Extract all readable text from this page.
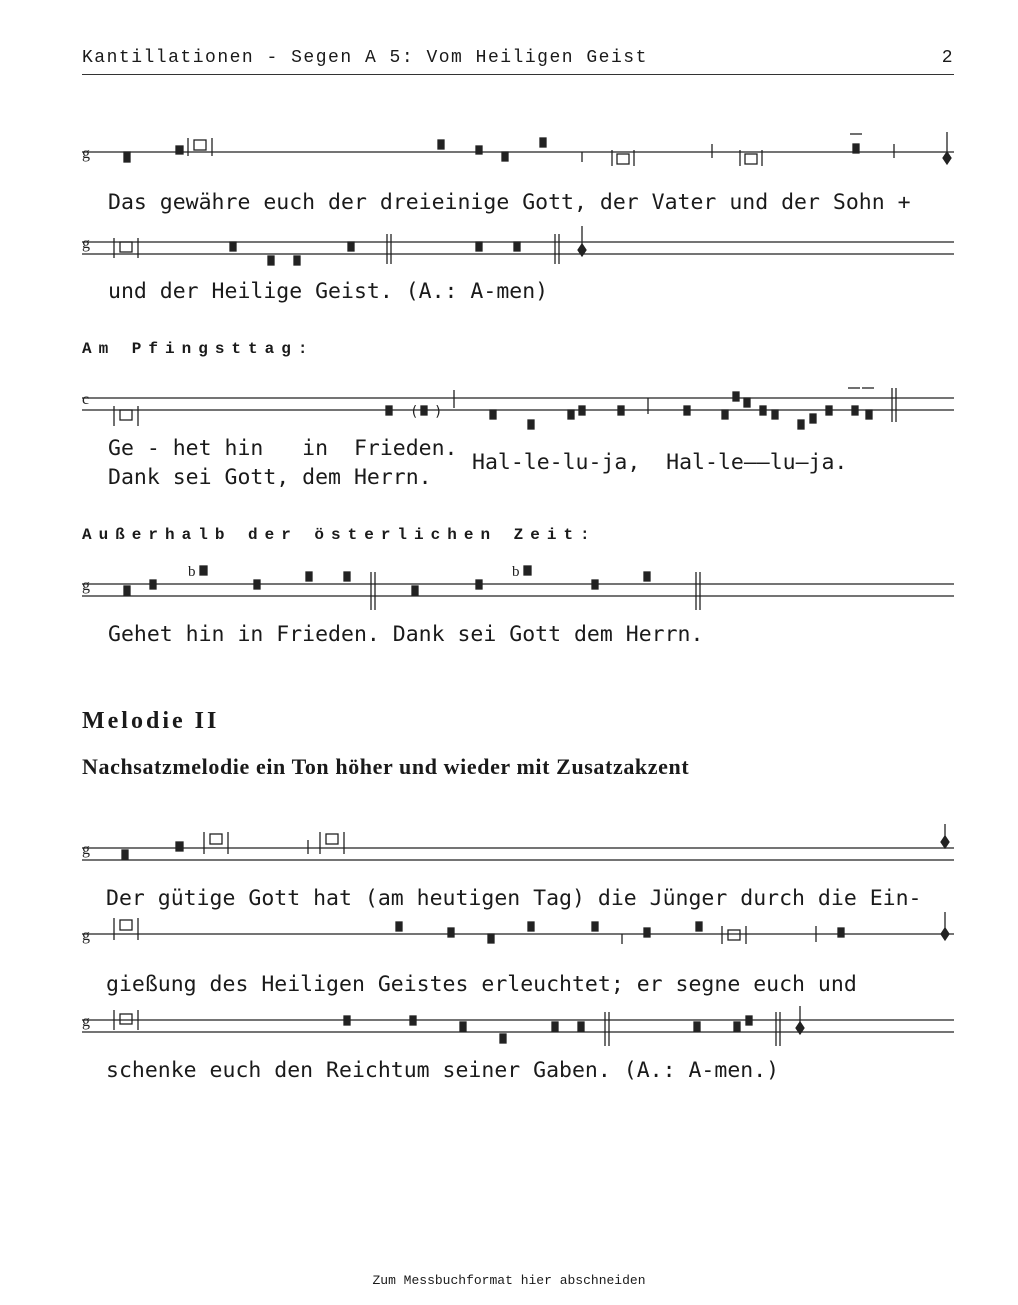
Kantillationen - Segen A 5: Vom Heiligen Geist	2
g
Das gewähre euch der dreieinige Gott, der Vater und der Sohn +
g
und der Heilige Geist. (A.: A-men)
Am Pfingsttag:
c
( )
Ge - het hin   in  Frieden.
Dank sei Gott, dem Herrn.
Hal-le-lu-ja,  Hal-le——lu—ja.
Außerhalb der österlichen Zeit:
g
b	b
Gehet hin in Frieden. Dank sei Gott dem Herrn.
Melodie II
Nachsatzmelodie ein Ton höher und wieder mit Zusatzakzent
g
Der gütige Gott hat (am heutigen Tag) die Jünger durch die Ein-
g
gießung des Heiligen Geistes erleuchtet; er segne euch und
g
schenke euch den Reichtum seiner Gaben. (A.: A-men.)
Zum Messbuchformat hier abschneiden
